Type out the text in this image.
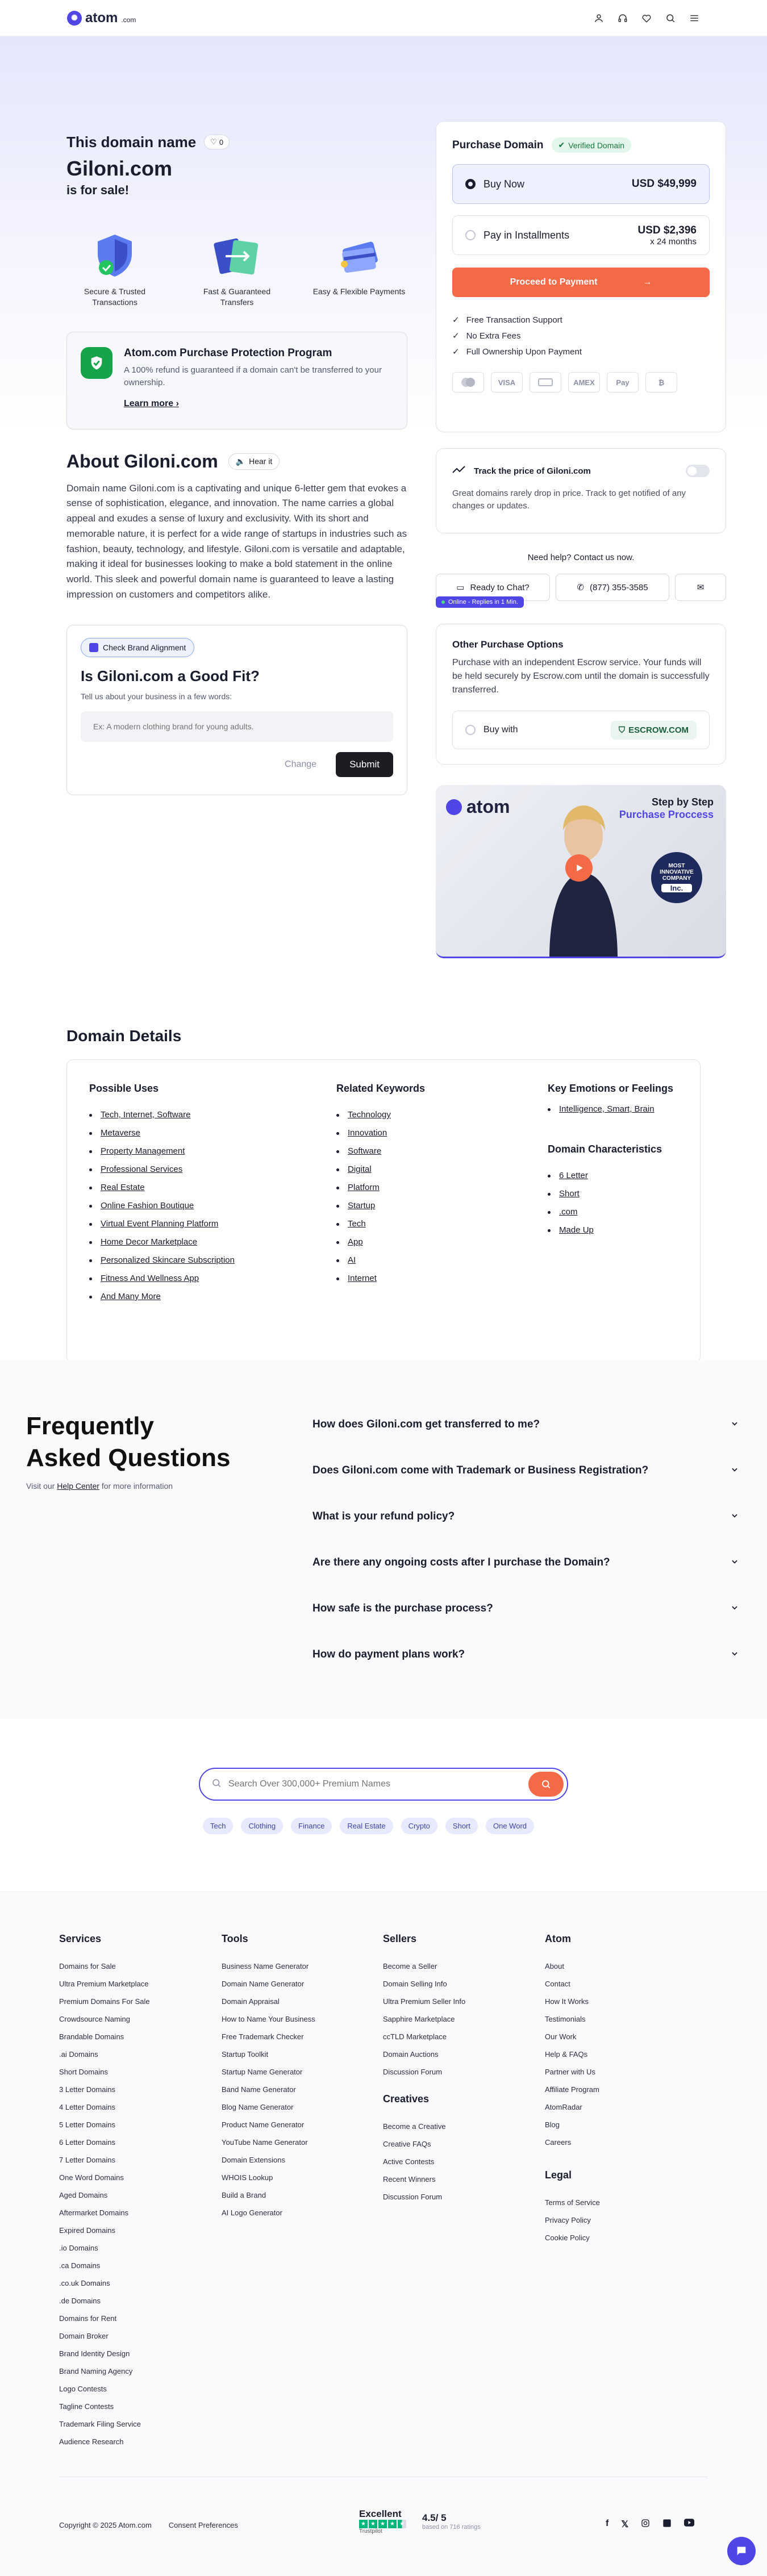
✺ atom .com
This domain name ♡ 0
Giloni.com
is for sale!
Secure & Trusted Transactions
Fast & Guaranteed Transfers
Easy & Flexible Payments
Atom.com Purchase Protection Program

A 100% refund is guaranteed if a domain can't be transferred to your ownership.

Learn more ›
About Giloni.com 🔈 Hear it

Domain name Giloni.com is a captivating and unique 6-letter gem that evokes a sense of sophistication, elegance, and innovation. The name carries a global appeal and exudes a sense of luxury and exclusivity. With its short and memorable nature, it is perfect for a wide range of startups in industries such as fashion, beauty, technology, and lifestyle. Giloni.com is versatile and adaptable, making it ideal for businesses looking to make a bold statement in the online world. This sleek and powerful domain name is guaranteed to leave a lasting impression on customers and competitors alike.

Check Brand Alignment
Is Giloni.com a Good Fit?
Tell us about your business in a few words:
Ex: A modern clothing brand for young adults.
Change	Submit
Purchase Domain ✔ Verified Domain
Buy Now	USD $49,999
Pay in Installments	USD $2,396
x 24 months
Proceed to Payment	→
✓ Free Transaction Support
✓ No Extra Fees
✓ Full Ownership Upon Payment
VISA	AMEX	Pay	₿
Track the price of Giloni.com

Great domains rarely drop in price. Track to get notified of any changes or updates.

Need help? Contact us now.
▭ Ready to Chat?	✆ (877) 355-3585	✉
Online - Replies in 1 Min.
Other Purchase Options

Purchase with an independent Escrow service. Your funds will be held securely by Escrow.com until the domain is successfully transferred.

Buy with	⛉ ESCROW.COM
atom	Step by Step
Purchase Proccess
MOST INNOVATIVE COMPANY
Inc.
Domain Details
Possible Uses
Tech, Internet, Software
Metaverse
Property Management
Professional Services
Real Estate
Online Fashion Boutique
Virtual Event Planning Platform
Home Decor Marketplace
Personalized Skincare Subscription
Fitness And Wellness App
And Many More
Related Keywords
Technology
Innovation
Software
Digital
Platform
Startup
Tech
App
AI
Internet
Key Emotions or Feelings
Intelligence, Smart, Brain
Domain Characteristics
6 Letter
Short
.com
Made Up
Frequently
Asked Questions
Visit our Help Center for more information
How does Giloni.com get transferred to me?
Does Giloni.com come with Trademark or Business Registration?
What is your refund policy?
Are there any ongoing costs after I purchase the Domain?
How safe is the purchase process?
How do payment plans work?
Search Over 300,000+ Premium Names
Tech	Clothing	Finance	Real Estate	Crypto	Short	One Word
Services
Domains for Sale
Ultra Premium Marketplace
Premium Domains For Sale
Crowdsource Naming
Brandable Domains
.ai Domains
Short Domains
3 Letter Domains
4 Letter Domains
5 Letter Domains
6 Letter Domains
7 Letter Domains
One Word Domains
Aged Domains
Aftermarket Domains
Expired Domains
.io Domains
.ca Domains
.co.uk Domains
.de Domains
Domains for Rent
Domain Broker
Brand Identity Design
Brand Naming Agency
Logo Contests
Tagline Contests
Trademark Filing Service
Audience Research
Tools
Business Name Generator
Domain Name Generator
Domain Appraisal
How to Name Your Business
Free Trademark Checker
Startup Toolkit
Startup Name Generator
Band Name Generator
Blog Name Generator
Product Name Generator
YouTube Name Generator
Domain Extensions
WHOIS Lookup
Build a Brand
AI Logo Generator
Sellers
Become a Seller
Domain Selling Info
Ultra Premium Seller Info
Sapphire Marketplace
ccTLD Marketplace
Domain Auctions
Discussion Forum
Creatives
Become a Creative
Creative FAQs
Active Contests
Recent Winners
Discussion Forum
Atom
About
Contact
How It Works
Testimonials
Our Work
Help & FAQs
Partner with Us
Affiliate Program
AtomRadar
Blog
Careers
Legal
Terms of Service
Privacy Policy
Cookie Policy
Copyright © 2025 Atom.com Consent Preferences
Excellent
★ ★ ★ ★ ★
Trustpilot
4.5/ 5
based on 716 ratings	f 𝕏
